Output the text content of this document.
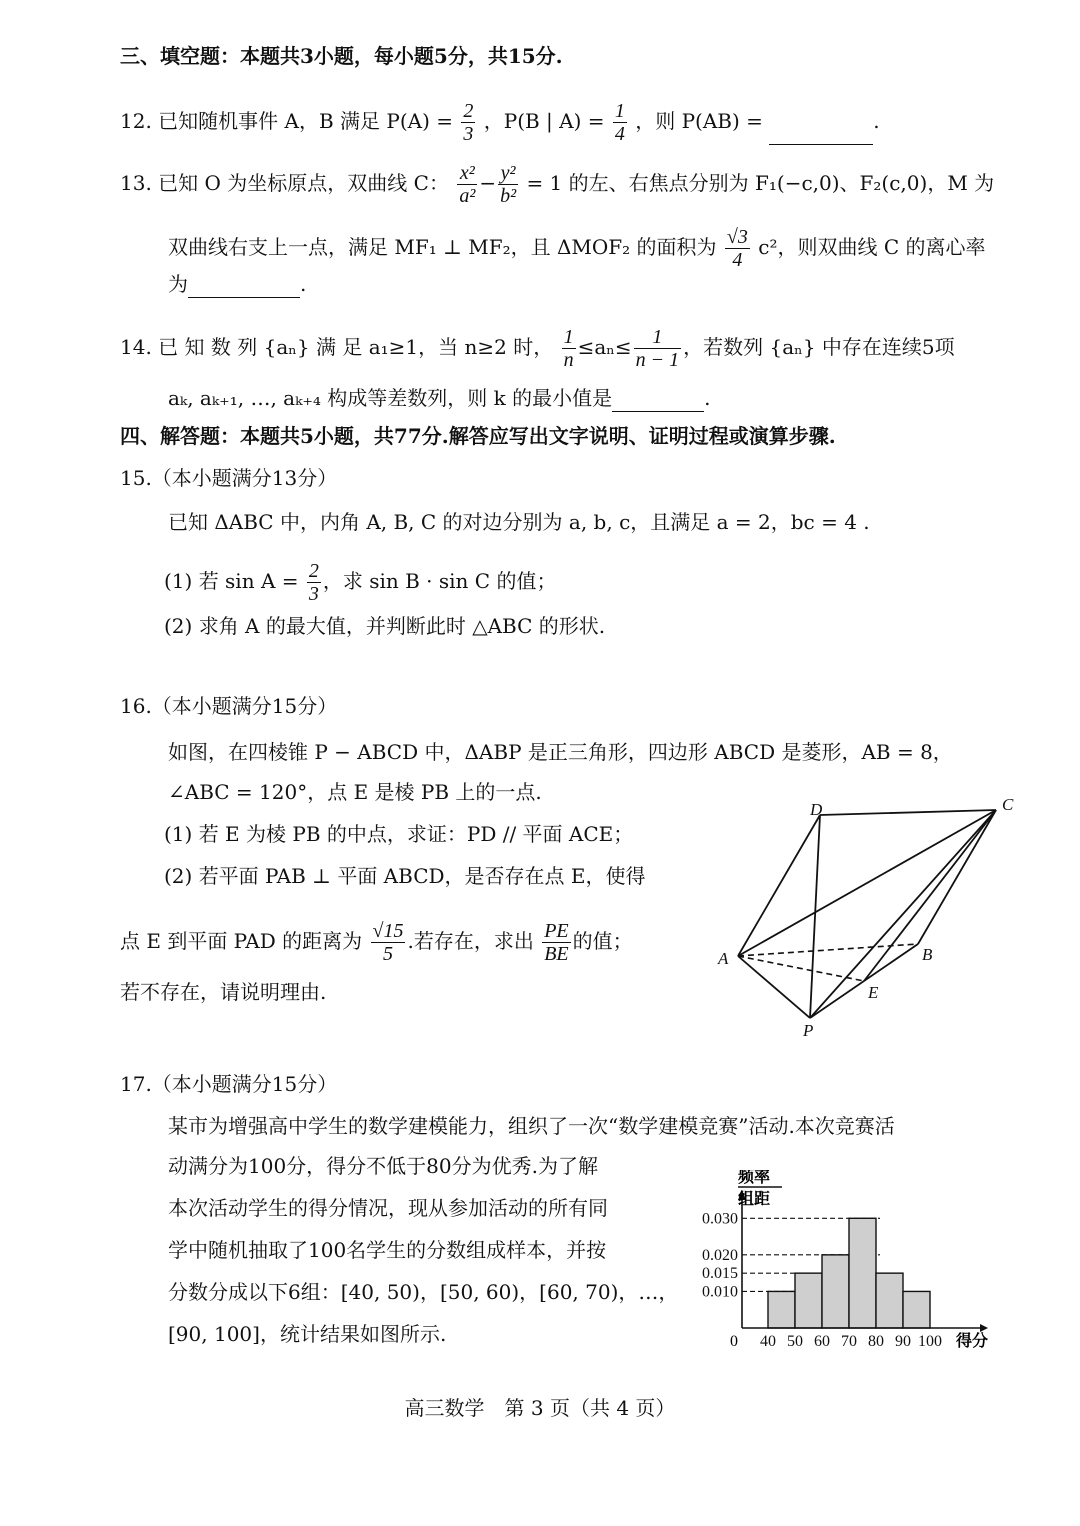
三、填空题：本题共3小题，每小题5分，共15分.
12. 已知随机事件 A，B 满足 $P(A) = \frac{2}{3}$ ，P(B | $A) = \frac{1}{4}$ ，则 P(AB) =	.
13. 已知 O 为坐标原点，双曲线 C： $\frac{\text{x²}}{\text{a²}} - \frac{\text{y²}}{\text{b²}} = 1$ 的左、右焦点分别为 F₁(−c,0)、F₂(c,0)，M 为
双曲线右支上一点，满足 MF₁ ⊥ MF₂，且 ΔMOF₂ 的面积为 $\frac{√3}{4} c^2$，则双曲线 C 的离心率
为	.
14. 已 知 数 列 {aₙ} 满 足 a₁≥1，当 n≥2 时， $\frac{1}{n} \le a_n\le \frac{1}{n - 1}$ ，若数列 {aₙ} 中存在连续5项
aₖ, aₖ₊₁, …, aₖ₊₄ 构成等差数列，则 k 的最小值是	.
四、解答题：本题共5小题，共77分.解答应写出文字说明、证明过程或演算步骤.
15.（本小题满分13分）
已知 ΔABC 中，内角 A, B, C 的对边分别为 a, b, c，且满足 a = 2，bc = 4 .
(1) 若 $\sin A = \frac{2}{3}$ ，求 sin B · sin C 的值；
(2) 求角 A 的最大值，并判断此时 △ABC 的形状.
16.（本小题满分15分）
如图，在四棱锥 P − ABCD 中，ΔABP 是正三角形，四边形 ABCD 是菱形，AB = 8，
∠ABC = 120°，点 E 是棱 PB 上的一点.
(1) 若 E 为棱 PB 的中点，求证：PD // 平面 ACE；
(2) 若平面 PAB ⊥ 平面 ABCD，是否存在点 E，使得
点 E 到平面 PAD 的距离为 $\frac{√15}{5}$ .若存在，求出 $\frac{PE}{BE}$ 的值；
若不存在，请说明理由.
D	C
A	B
E
P
17.（本小题满分15分）
某市为增强高中学生的数学建模能力，组织了一次“数学建模竞赛”活动.本次竞赛活
动满分为100分，得分不低于80分为优秀.为了解
本次活动学生的得分情况，现从参加活动的所有同
学中随机抽取了100名学生的分数组成样本，并按
分数分成以下6组：[40, 50)，[50, 60)，[60, 70)，…，
[90, 100]，统计结果如图所示.
0.030
0.020
0.015
0.010
40 50 60 70 80 90 100
频率
组距
0	得分
高三数学　第 3 页（共 4 页）
